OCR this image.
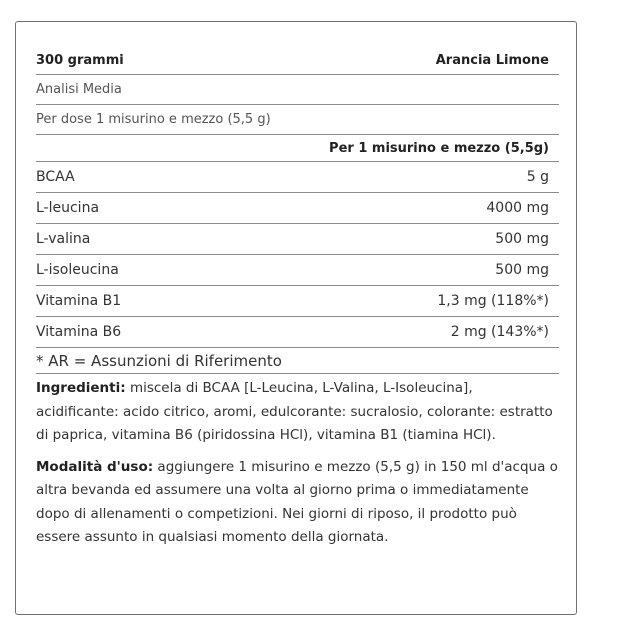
300 grammi	Arancia Limone
Analisi Media
Per dose 1 misurino e mezzo (5,5 g)
Per 1 misurino e mezzo (5,5g)
BCAA	5 g
L-leucina	4000 mg
L-valina	500 mg
L-isoleucina	500 mg
Vitamina B1	1,3 mg (118%*)
Vitamina B6	2 mg (143%*)
* AR = Assunzioni di Riferimento

Ingredienti: miscela di BCAA [L-Leucina, L-Valina, L-Isoleucina], acidificante: acido citrico, aromi, edulcorante: sucralosio, colorante: estratto di paprica, vitamina B6 (piridossina HCl), vitamina B1 (tiamina HCl).

Modalità d'uso: aggiungere 1 misurino e mezzo (5,5 g) in 150 ml d'acqua o altra bevanda ed assumere una volta al giorno prima o immediatamente dopo di allenamenti o competizioni. Nei giorni di riposo, il prodotto può essere assunto in qualsiasi momento della giornata.
